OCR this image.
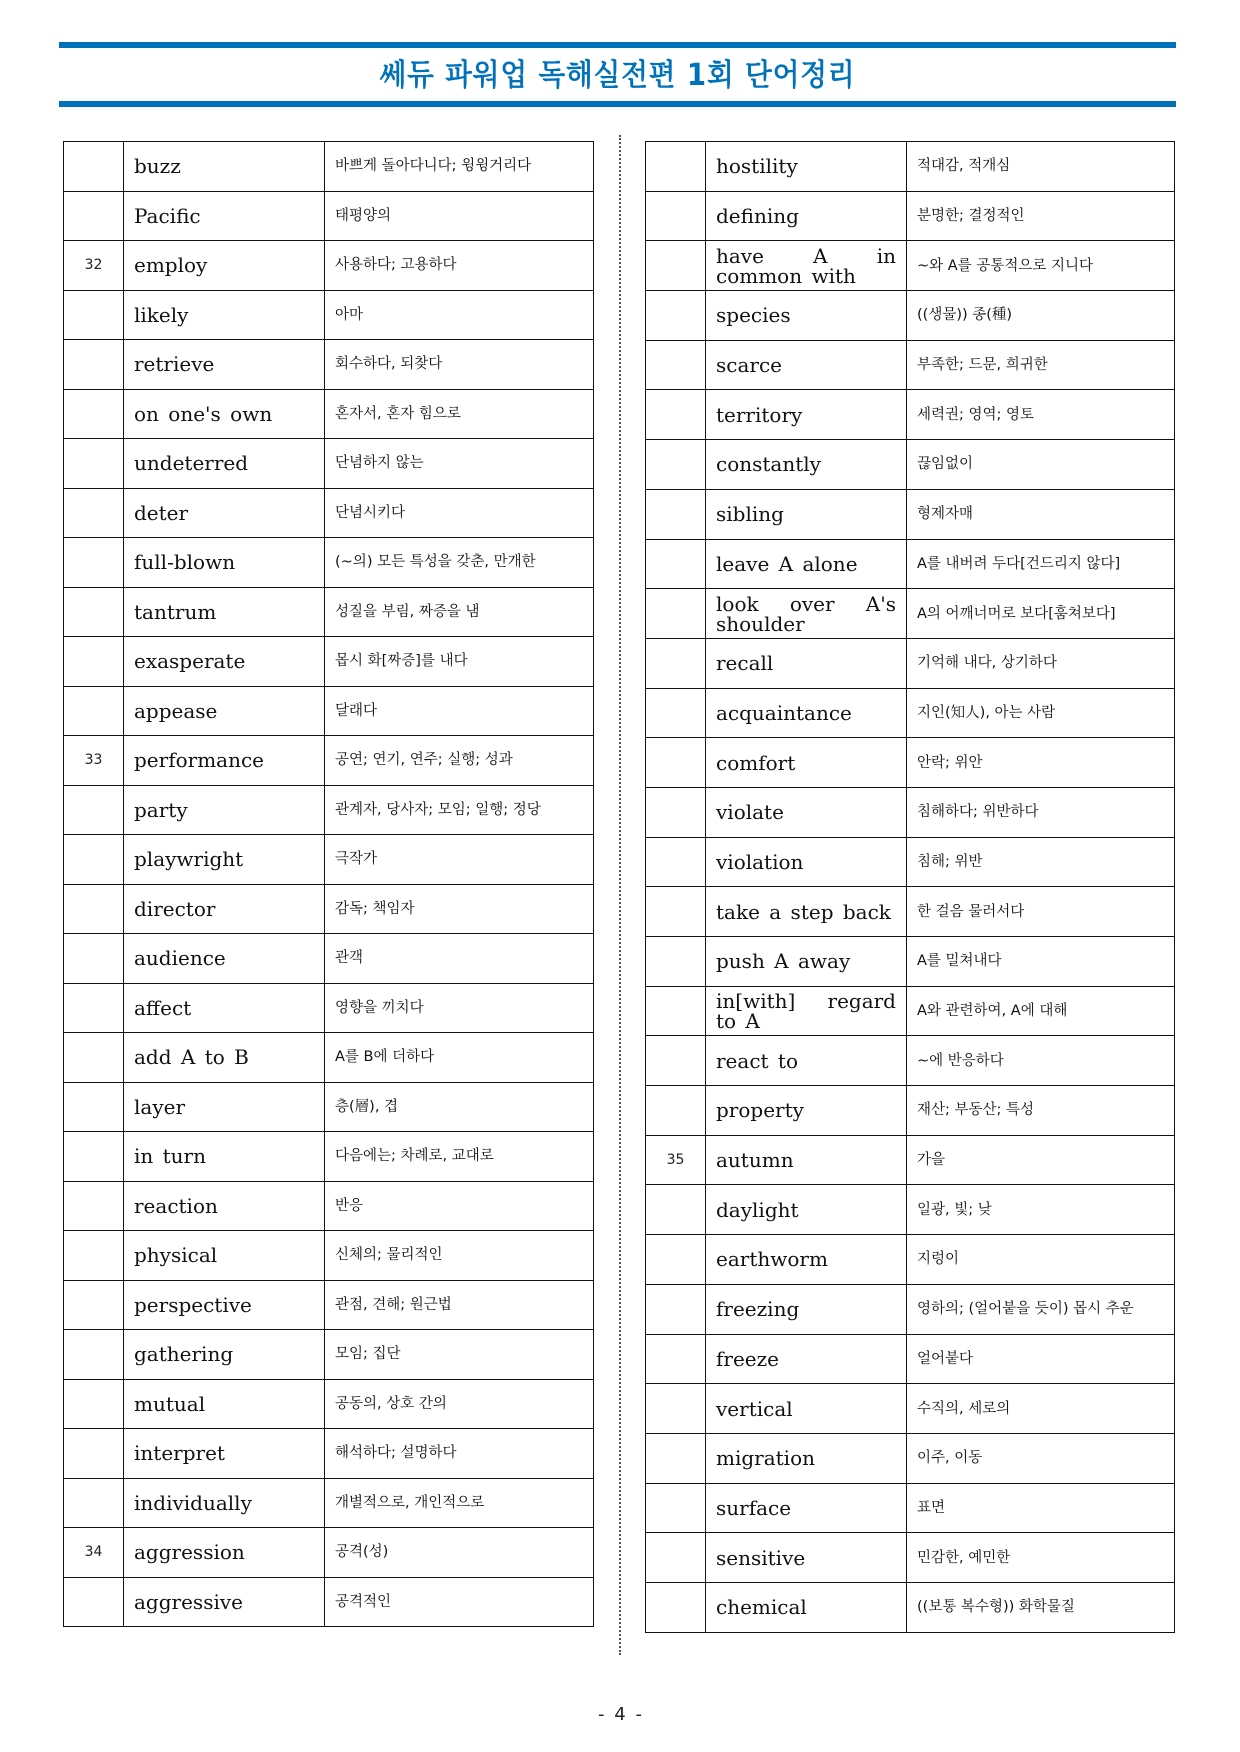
쎄듀 파워업 독해실전편 1회 단어정리
	buzz	바쁘게 돌아다니다; 윙윙거리다
	Pacific	태평양의
32	employ	사용하다; 고용하다
	likely	아마
	retrieve	회수하다, 되찾다
	on one's own	혼자서, 혼자 힘으로
	undeterred	단념하지 않는
	deter	단념시키다
	full-blown	(~의) 모든 특성을 갖춘, 만개한
	tantrum	성질을 부림, 짜증을 냄
	exasperate	몹시 화[짜증]를 내다
	appease	달래다
33	performance	공연; 연기, 연주; 실행; 성과
	party	관계자, 당사자; 모임; 일행; 정당
	playwright	극작가
	director	감독; 책임자
	audience	관객
	affect	영향을 끼치다
	add A to B	A를 B에 더하다
	layer	층(層), 겹
	in turn	다음에는; 차례로, 교대로
	reaction	반응
	physical	신체의; 물리적인
	perspective	관점, 견해; 원근법
	gathering	모임; 집단
	mutual	공동의, 상호 간의
	interpret	해석하다; 설명하다
	individually	개별적으로, 개인적으로
34	aggression	공격(성)
	aggressive	공격적인
	hostility	적대감, 적개심
	defining	분명한; 결정적인
	have A in common with	~와 A를 공통적으로 지니다
	species	((생물)) 종(種)
	scarce	부족한; 드문, 희귀한
	territory	세력권; 영역; 영토
	constantly	끊임없이
	sibling	형제자매
	leave A alone	A를 내버려 두다[건드리지 않다]
	look over A's shoulder	A의 어깨너머로 보다[훔쳐보다]
	recall	기억해 내다, 상기하다
	acquaintance	지인(知人), 아는 사람
	comfort	안락; 위안
	violate	침해하다; 위반하다
	violation	침해; 위반
	take a step back	한 걸음 물러서다
	push A away	A를 밀쳐내다
	in[with] regard to A	A와 관련하여, A에 대해
	react to	~에 반응하다
	property	재산; 부동산; 특성
35	autumn	가을
	daylight	일광, 빛; 낮
	earthworm	지렁이
	freezing	영하의; (얼어붙을 듯이) 몹시 추운
	freeze	얼어붙다
	vertical	수직의, 세로의
	migration	이주, 이동
	surface	표면
	sensitive	민감한, 예민한
	chemical	((보통 복수형)) 화학물질
- 4 -
